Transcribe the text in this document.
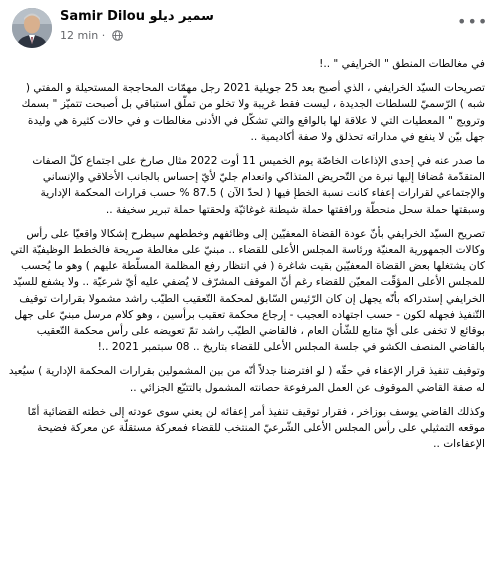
Samir Dilou سمير ديلو
12 min ·
•••

في مغالطات المنطق " الخرايفي " ..!

تصريحات السيّد الخرايفي ، الذي أصبح بعد 25 جويلية 2021 رجل مهمّات المحاججة المستحيلة و المفتي ( شبه ) الرّسميّ للسلطات الجديدة ، ليست فقط غريبة ولا تخلو من تملّق استباقي بل أصبحت تتميّز " بسمك وترويج " المعطيات التي لا علاقة لها بالواقع والتي تشكّل في الأدنى مغالطات و في حالات كثيرة هي وليدة جهل بيّن لا ينفع في مداراته تحذلق ولا صفة أكاديمية ..

ما صدر عنه في إحدى الإذاعات الخاصّة يوم الخميس 11 أوت 2022 مثال صارخ على اجتماع كلّ الصفات المتقدّمة مُضافا إليها نبرة من التّحريض المتذاكي وانعدام جليّ لأيّ إحساس بالجانب الأخلاقي والإنساني والإجتماعي لقرارات إعفاء كانت نسبة الخطإ فيها ( لحدّ الآن ) 87.5 % حسب قرارات المحكمة الإدارية وسبقتها حملة سحل منحطّة ورافقتها حملة شيطنة غوغائيّة ولحقتها حملة تبرير سخيفة ..

تصريح السيّد الخرايفي بأنّ عودة القضاة المعفيّين إلى وظائفهم وخططهم سيطرح إشكالا واقعيّا على رأس وكالات الجمهورية المعنيّة ورئاسة المجلس الأعلى للقضاء .. مبنيّ على مغالطة صريحة فالخطط الوظيفيّة التي كان يشتغلها بعض القضاة المعفيّين بقيت شاغرة ( في انتظار رفع المظلمة المسلّطة عليهم ) وهو ما يُحسب للمجلس الأعلى المؤقّت المعيّن للقضاء رغم أنّ الموقف المشرّف لا يُضفي عليه أيّ شرعيّة .. ولا يشفع للسيّد الخرايفي إستدراكه بأنّه يجهل إن كان الرّئيس السّابق لمحكمة التّعقيب الطيّب راشد مشمولا بقرارات توقيف التّنفيذ فجهله لكون - حسب اجتهاده العجيب - إرجاع محكمة تعقيب برأسين ، وهو كلام مرسل مبنيّ على جهل بوقائع لا تخفى على أيّ متابع للشّأن العام ، فالقاضي الطيّب راشد تمّ تعويضه على رأس محكمة التّعقيب بالقاضي المنصف الكشو في جلسة المجلس الأعلى للقضاء بتاريخ .. 08 سبتمبر 2021 ..!

وتوقيف تنفيذ قرار الإعفاء في حقّه ( لو افترضنا جدلاً أنّه من بين المشمولين بقرارات المحكمة الإدارية ) سيُعيد له صفة القاضي الموقوف عن العمل المرفوعة حصانته المشمول بالتتبّع الجزائي ..

وكذلك القاضي يوسف بوزاخر ، فقرار توقيف تنفيذ أمر إعفائه لن يعني سوى عودته إلى خطته القضائية أمّا موقعه التمثيلي على رأس المجلس الأعلى الشّرعيّ المنتخب للقضاء فمعركة مستقلّة عن معركة فضيحة الإعفاءات ..
